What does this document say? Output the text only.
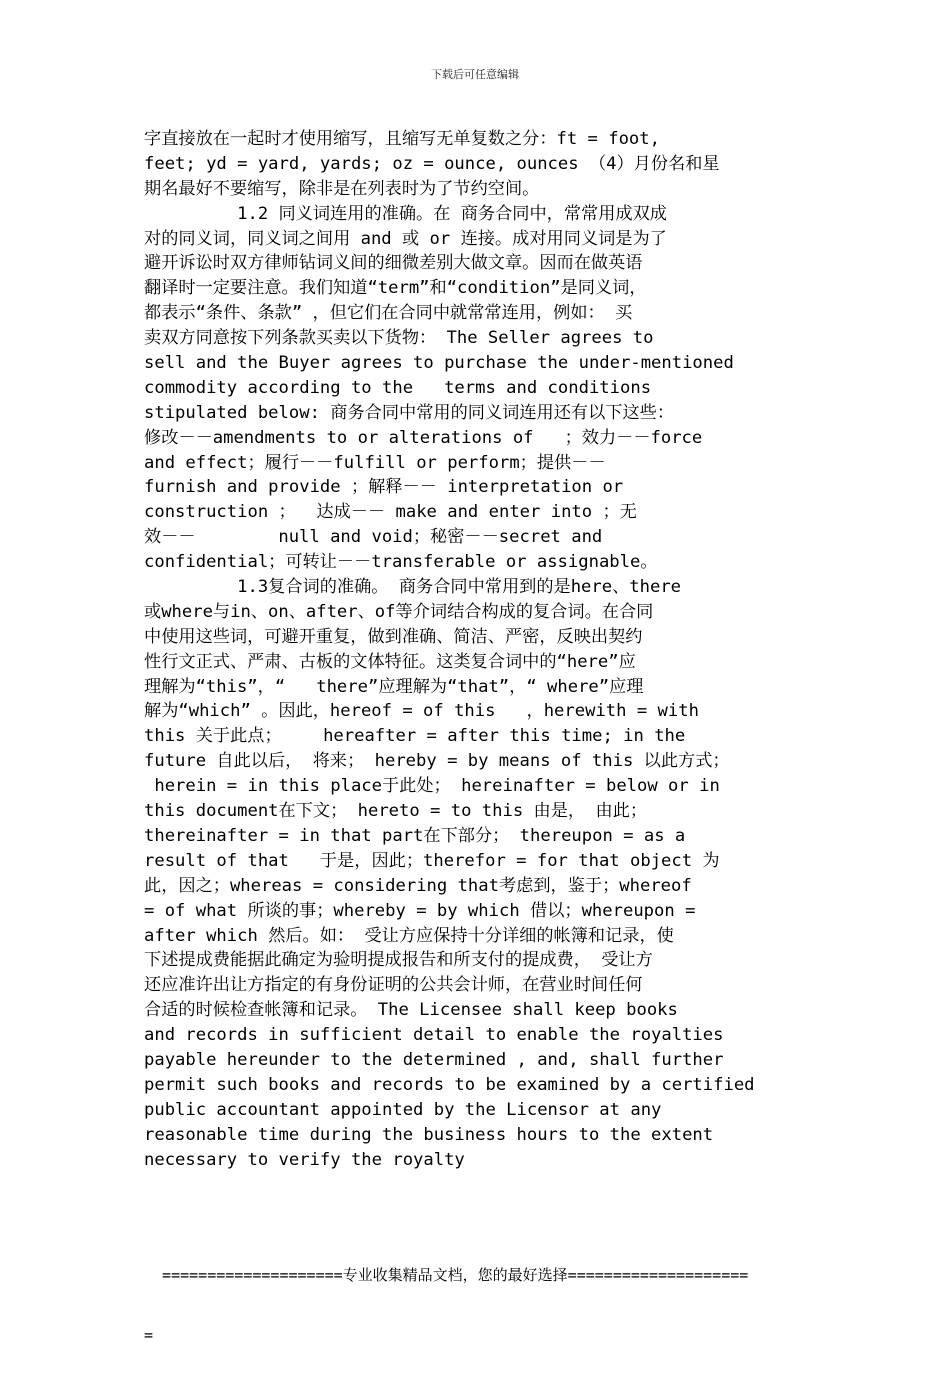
下载后可任意编辑
字直接放在一起时才使用缩写，且缩写无单复数之分：ft = foot,
feet; yd = yard, yards; oz = ounce, ounces （4）月份名和星
期名最好不要缩写，除非是在列表时为了节约空间。
1.2 同义词连用的准确。在 商务合同中，常常用成双成
对的同义词，同义词之间用 and 或 or 连接。成对用同义词是为了
避开诉讼时双方律师钻词义间的细微差别大做文章。因而在做英语
翻译时一定要注意。我们知道“term”和“condition”是同义词，
都表示“条件、条款” ，但它们在合同中就常常连用，例如： 买
卖双方同意按下列条款买卖以下货物： The Seller agrees to
sell and the Buyer agrees to purchase the under-mentioned
commodity according to the   terms and conditions
stipulated below: 商务合同中常用的同义词连用还有以下这些：
修改－－amendments to or alterations of   ；效力－－force
and effect；履行－－fulfill or perform；提供－－
furnish and provide ；解释－－ interpretation or
construction ；  达成－－ make and enter into ；无
效－－        null and void；秘密－－secret and
confidential；可转让－－transferable or assignable。
1.3复合词的准确。 商务合同中常用到的是here、there
或where与in、on、after、of等介词结合构成的复合词。在合同
中使用这些词，可避开重复，做到准确、简洁、严密，反映出契约
性行文正式、严肃、古板的文体特征。这类复合词中的“here”应
理解为“this”，“   there”应理解为“that”，“ where”应理
解为“which” 。因此，hereof = of this   ，herewith = with
this 关于此点；    hereafter = after this time; in the
future 自此以后， 将来； hereby = by means of this 以此方式；
herein = in this place于此处； hereinafter = below or in
this document在下文； hereto = to this 由是， 由此；
thereinafter = in that part在下部分； thereupon = as a
result of that   于是，因此；therefor = for that object 为
此，因之；whereas = considering that考虑到，鉴于；whereof
= of what 所谈的事；whereby = by which 借以；whereupon =
after which 然后。如： 受让方应保持十分详细的帐簿和记录，使
下述提成费能据此确定为验明提成报告和所支付的提成费， 受让方
还应准许出让方指定的有身份证明的公共会计师，在营业时间任何
合适的时候检查帐簿和记录。 The Licensee shall keep books
and records in sufficient detail to enable the royalties
payable hereunder to the determined , and, shall further
permit such books and records to be examined by a certified
public accountant appointed by the Licensor at any
reasonable time during the business hours to the extent
necessary to verify the royalty

====================专业收集精品文档，您的最好选择====================

=
